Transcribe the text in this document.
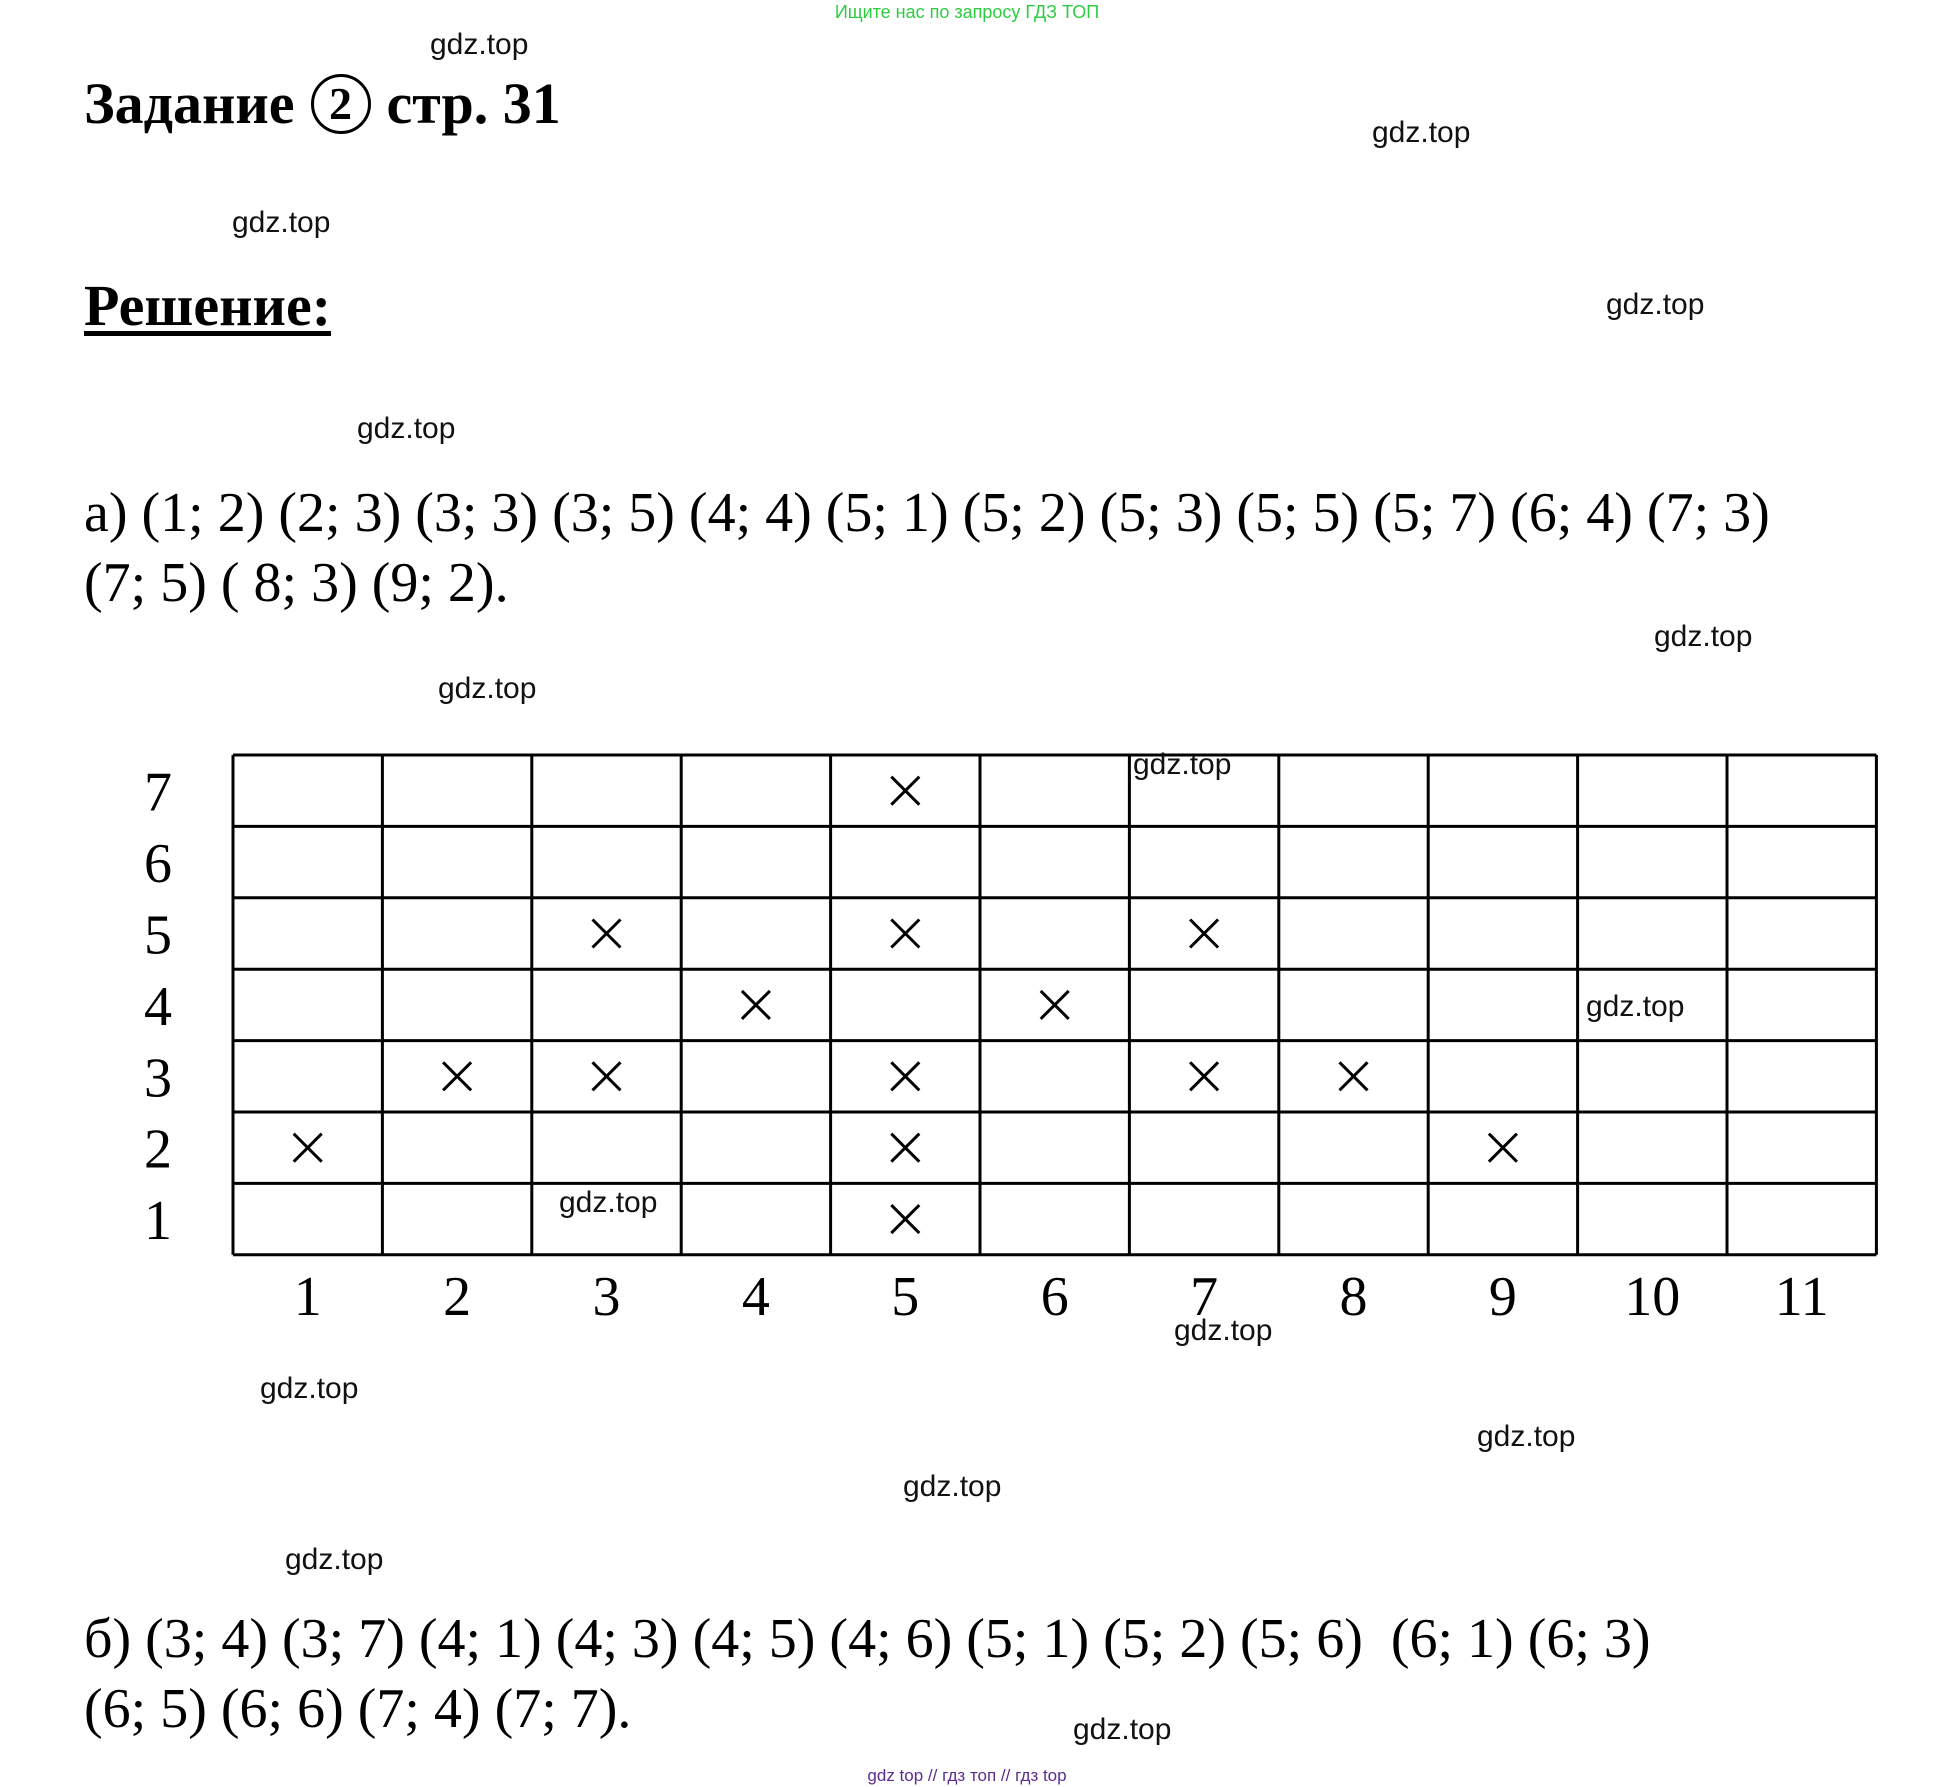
Ищите нас по запросу ГДЗ ТОП
Задание 2 стр. 31
Решение:
а) (1; 2) (2; 3) (3; 3) (3; 5) (4; 4) (5; 1) (5; 2) (5; 3) (5; 5) (5; 7) (6; 4) (7; 3)
(7; 5) ( 8; 3) (9; 2).
1 2 3 4 5 6 7 8 9 10 11
7
6
5
4
3
2
1
б) (3; 4) (3; 7) (4; 1) (4; 3) (4; 5) (4; 6) (5; 1) (5; 2) (5; 6)  (6; 1) (6; 3)
(6; 5) (6; 6) (7; 4) (7; 7).
gdz.top
gdz.top
gdz.top
gdz.top
gdz.top
gdz.top
gdz.top
gdz.top
gdz.top
gdz.top
gdz.top
gdz.top
gdz.top
gdz.top
gdz.top
gdz.top
gdz top // гдз топ // гдз top
